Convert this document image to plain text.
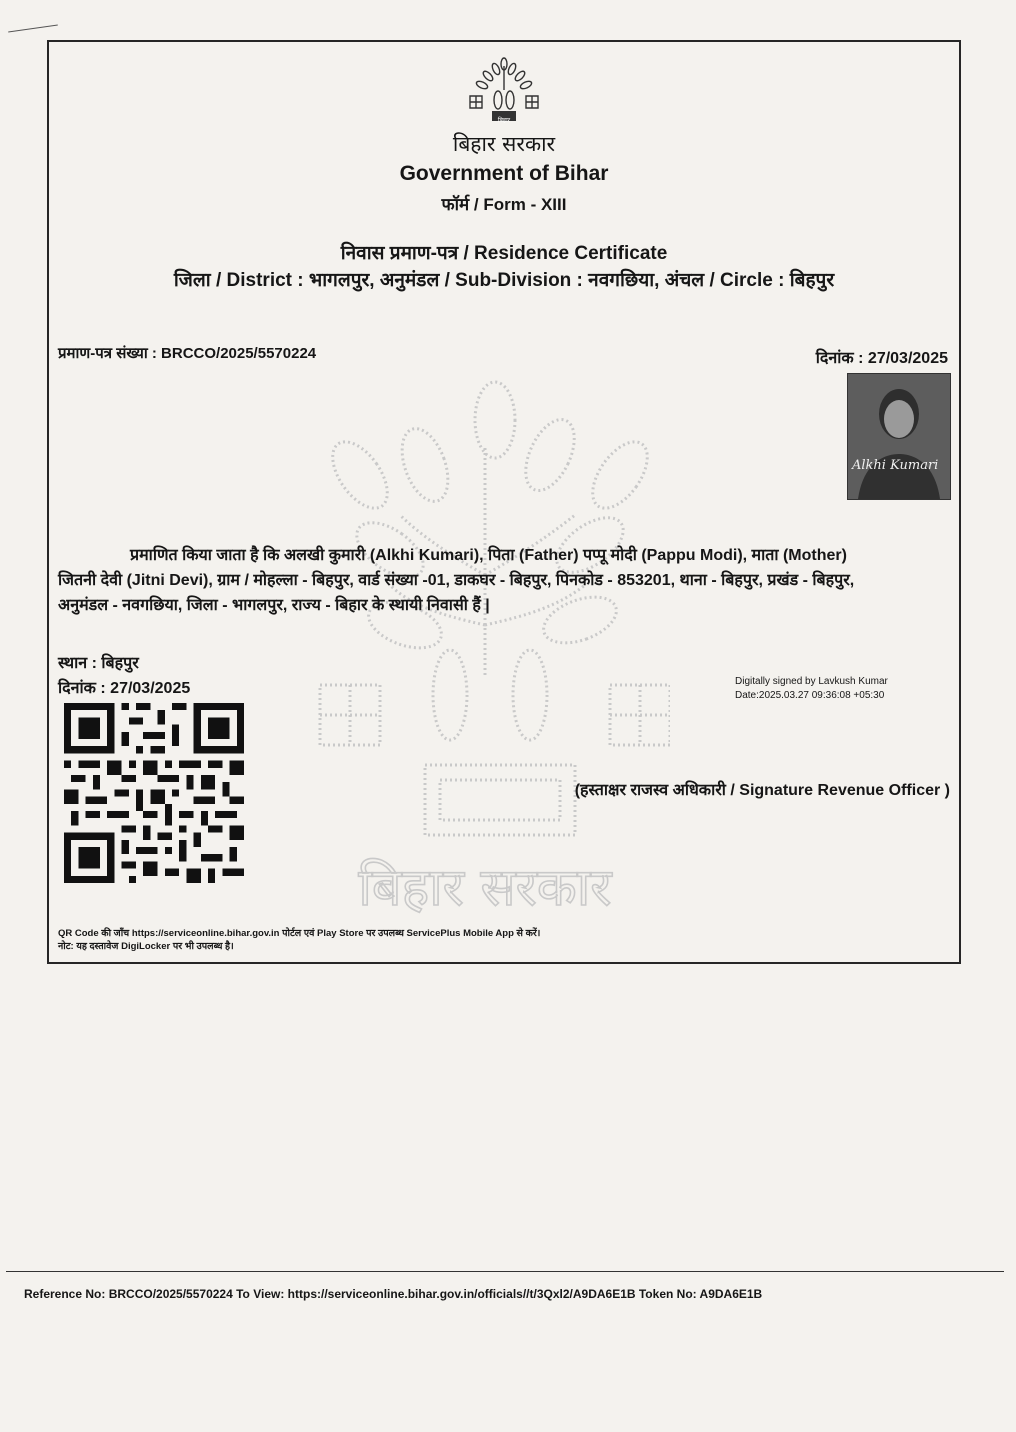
बिहार
बिहार सरकार
Government of Bihar
फॉर्म / Form - XIII
निवास प्रमाण-पत्र / Residence Certificate
जिला / District : भागलपुर, अनुमंडल / Sub-Division : नवगछिया, अंचल / Circle : बिहपुर
प्रमाण-पत्र संख्या : BRCCO/2025/5570224	दिनांक : 27/03/2025
बिहार सरकार
Alkhi Kumari
प्रमाणित किया जाता है कि अलखी कुमारी (Alkhi Kumari), पिता (Father) पप्पू मोदी (Pappu Modi), माता (Mother)
जितनी देवी (Jitni Devi), ग्राम / मोहल्ला - बिहपुर, वार्ड संख्या -01, डाकघर - बिहपुर, पिनकोड - 853201, थाना - बिहपुर, प्रखंड - बिहपुर,
अनुमंडल - नवगछिया, जिला - भागलपुर, राज्य - बिहार के स्थायी निवासी हैं |
स्थान : बिहपुर
दिनांक : 27/03/2025	Digitally signed by Lavkush Kumar
Date:2025.03.27 09:36:08 +05:30
(हस्ताक्षर राजस्व अधिकारी / Signature Revenue Officer )
QR Code की जाँच https://serviceonline.bihar.gov.in पोर्टल एवं Play Store पर उपलब्ध ServicePlus Mobile App से करें।
नोट: यह दस्तावेज DigiLocker पर भी उपलब्ध है।
Reference No: BRCCO/2025/5570224 To View: https://serviceonline.bihar.gov.in/officials//t/3Qxl2/A9DA6E1B Token No: A9DA6E1B
